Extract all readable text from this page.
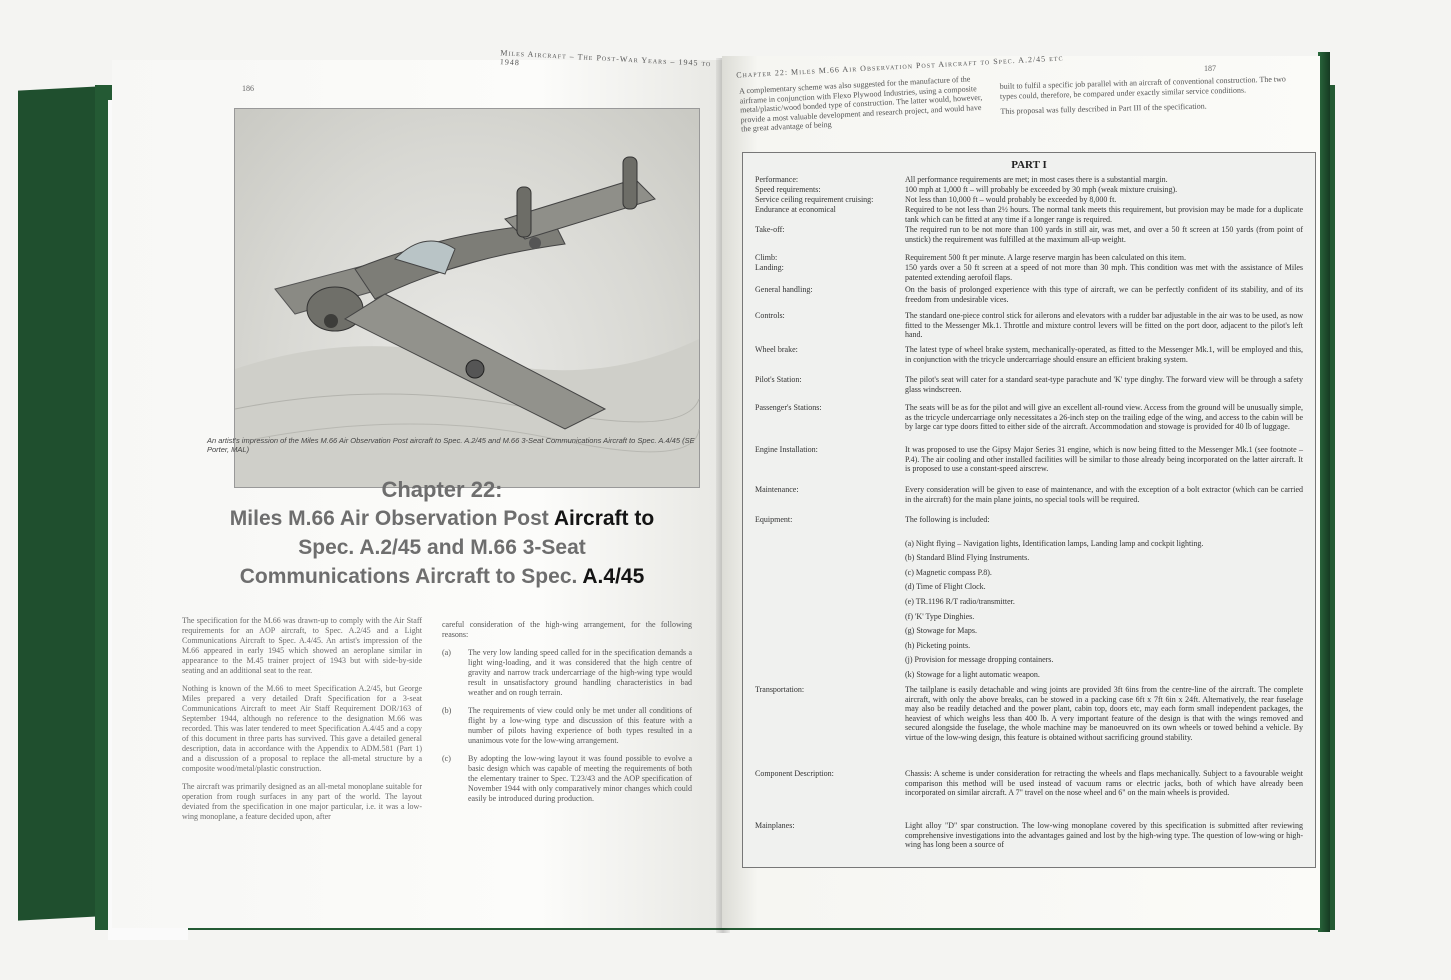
Miles Aircraft – The Post-War Years – 1945 to 1948
186
An artist's impression of the Miles M.66 Air Observation Post aircraft to Spec. A.2/45 and M.66 3-Seat Communications Aircraft to Spec. A.4/45 (SE Porter, MAL)
Chapter 22:
Miles M.66 Air Observation Post Aircraft to
Spec. A.2/45 and M.66 3-Seat
Communications Aircraft to Spec. A.4/45

The specification for the M.66 was drawn-up to comply with the Air Staff requirements for an AOP aircraft, to Spec. A.2/45 and a Light Communications Aircraft to Spec. A.4/45. An artist's impression of the M.66 appeared in early 1945 which showed an aeroplane similar in appearance to the M.45 trainer project of 1943 but with side-by-side seating and an additional seat to the rear.

Nothing is known of the M.66 to meet Specification A.2/45, but George Miles prepared a very detailed Draft Specification for a 3-seat Communications Aircraft to meet Air Staff Requirement DOR/163 of September 1944, although no reference to the designation M.66 was recorded. This was later tendered to meet Specification A.4/45 and a copy of this document in three parts has survived. This gave a detailed general description, data in accordance with the Appendix to ADM.581 (Part 1) and a discussion of a proposal to replace the all-metal structure by a composite wood/metal/plastic construction.

The aircraft was primarily designed as an all-metal monoplane suitable for operation from rough surfaces in any part of the world. The layout deviated from the specification in one major particular, i.e. it was a low-wing monoplane, a feature decided upon, after

careful consideration of the high-wing arrangement, for the following reasons:

(a)	The very low landing speed called for in the specification demands a light wing-loading, and it was considered that the high centre of gravity and narrow track undercarriage of the high-wing type would result in unsatisfactory ground handling characteristics in bad weather and on rough terrain.
(b)	The requirements of view could only be met under all conditions of flight by a low-wing type and discussion of this feature with a number of pilots having experience of both types resulted in a unanimous vote for the low-wing arrangement.
(c)	By adopting the low-wing layout it was found possible to evolve a basic design which was capable of meeting the requirements of both the elementary trainer to Spec. T.23/43 and the AOP specification of November 1944 with only comparatively minor changes which could easily be introduced during production.
Chapter 22: Miles M.66 Air Observation Post Aircraft to Spec. A.2/45 etc	187
A complementary scheme was also suggested for the manufacture of the airframe in conjunction with Flexo Plywood Industries, using a composite metal/plastic/wood bonded type of construction. The latter would, however, provide a most valuable development and research project, and would have the great advantage of being
built to fulfil a specific job parallel with an aircraft of conventional construction. The two types could, therefore, be compared under exactly similar service conditions.
This proposal was fully described in Part III of the specification.
PART I
Performance:	All performance requirements are met; in most cases there is a substantial margin.
Speed requirements:	100 mph at 1,000 ft – will probably be exceeded by 30 mph (weak mixture cruising).
Service ceiling requirement cruising:	Not less than 10,000 ft – would probably be exceeded by 8,000 ft.
Endurance at economical	Required to be not less than 2½ hours. The normal tank meets this requirement, but provision may be made for a duplicate tank which can be fitted at any time if a longer range is required.
Take-off:	The required run to be not more than 100 yards in still air, was met, and over a 50 ft screen at 150 yards (from point of unstick) the requirement was fulfilled at the maximum all-up weight.
Climb:	Requirement 500 ft per minute. A large reserve margin has been calculated on this item.
Landing:	150 yards over a 50 ft screen at a speed of not more than 30 mph. This condition was met with the assistance of Miles patented extending aerofoil flaps.
General handling:	On the basis of prolonged experience with this type of aircraft, we can be perfectly confident of its stability, and of its freedom from undesirable vices.
Controls:	The standard one-piece control stick for ailerons and elevators with a rudder bar adjustable in the air was to be used, as now fitted to the Messenger Mk.1. Throttle and mixture control levers will be fitted on the port door, adjacent to the pilot's left hand.
Wheel brake:	The latest type of wheel brake system, mechanically-operated, as fitted to the Messenger Mk.1, will be employed and this, in conjunction with the tricycle undercarriage should ensure an efficient braking system.
Pilot's Station:	The pilot's seat will cater for a standard seat-type parachute and 'K' type dinghy. The forward view will be through a safety glass windscreen.
Passenger's Stations:	The seats will be as for the pilot and will give an excellent all-round view. Access from the ground will be unusually simple, as the tricycle undercarriage only necessitates a 26-inch step on the trailing edge of the wing, and access to the cabin will be by large car type doors fitted to either side of the aircraft. Accommodation and stowage is provided for 40 lb of luggage.
Engine Installation:	It was proposed to use the Gipsy Major Series 31 engine, which is now being fitted to the Messenger Mk.1 (see footnote – P.4). The air cooling and other installed facilities will be similar to those already being incorporated on the latter aircraft. It is proposed to use a constant-speed airscrew.
Maintenance:	Every consideration will be given to ease of maintenance, and with the exception of a bolt extractor (which can be carried in the aircraft) for the main plane joints, no special tools will be required.
Equipment:	The following is included:
(a) Night flying – Navigation lights, Identification lamps, Landing lamp and cockpit lighting.
(b) Standard Blind Flying Instruments.
(c) Magnetic compass P.8).
(d) Time of Flight Clock.
(e) TR.1196 R/T radio/transmitter.
(f) 'K' Type Dinghies.
(g) Stowage for Maps.
(h) Picketing points.
(j) Provision for message dropping containers.
(k) Stowage for a light automatic weapon.
Transportation:	The tailplane is easily detachable and wing joints are provided 3ft 6ins from the centre-line of the aircraft. The complete aircraft, with only the above breaks, can be stowed in a packing case 6ft x 7ft 6in x 24ft. Alternatively, the rear fuselage may also be readily detached and the power plant, cabin top, doors etc, may each form small independent packages, the heaviest of which weighs less than 400 lb. A very important feature of the design is that with the wings removed and secured alongside the fuselage, the whole machine may be manoeuvred on its own wheels or towed behind a vehicle. By virtue of the low-wing design, this feature is obtained without sacrificing ground stability.
Component Description:	Chassis: A scheme is under consideration for retracting the wheels and flaps mechanically. Subject to a favourable weight comparison this method will be used instead of vacuum rams or electric jacks, both of which have already been incorporated on similar aircraft. A 7" travel on the nose wheel and 6" on the main wheels is provided.
Mainplanes:	Light alloy "D" spar construction. The low-wing monoplane covered by this specification is submitted after reviewing comprehensive investigations into the advantages gained and lost by the high-wing type. The question of low-wing or high-wing has long been a source of
